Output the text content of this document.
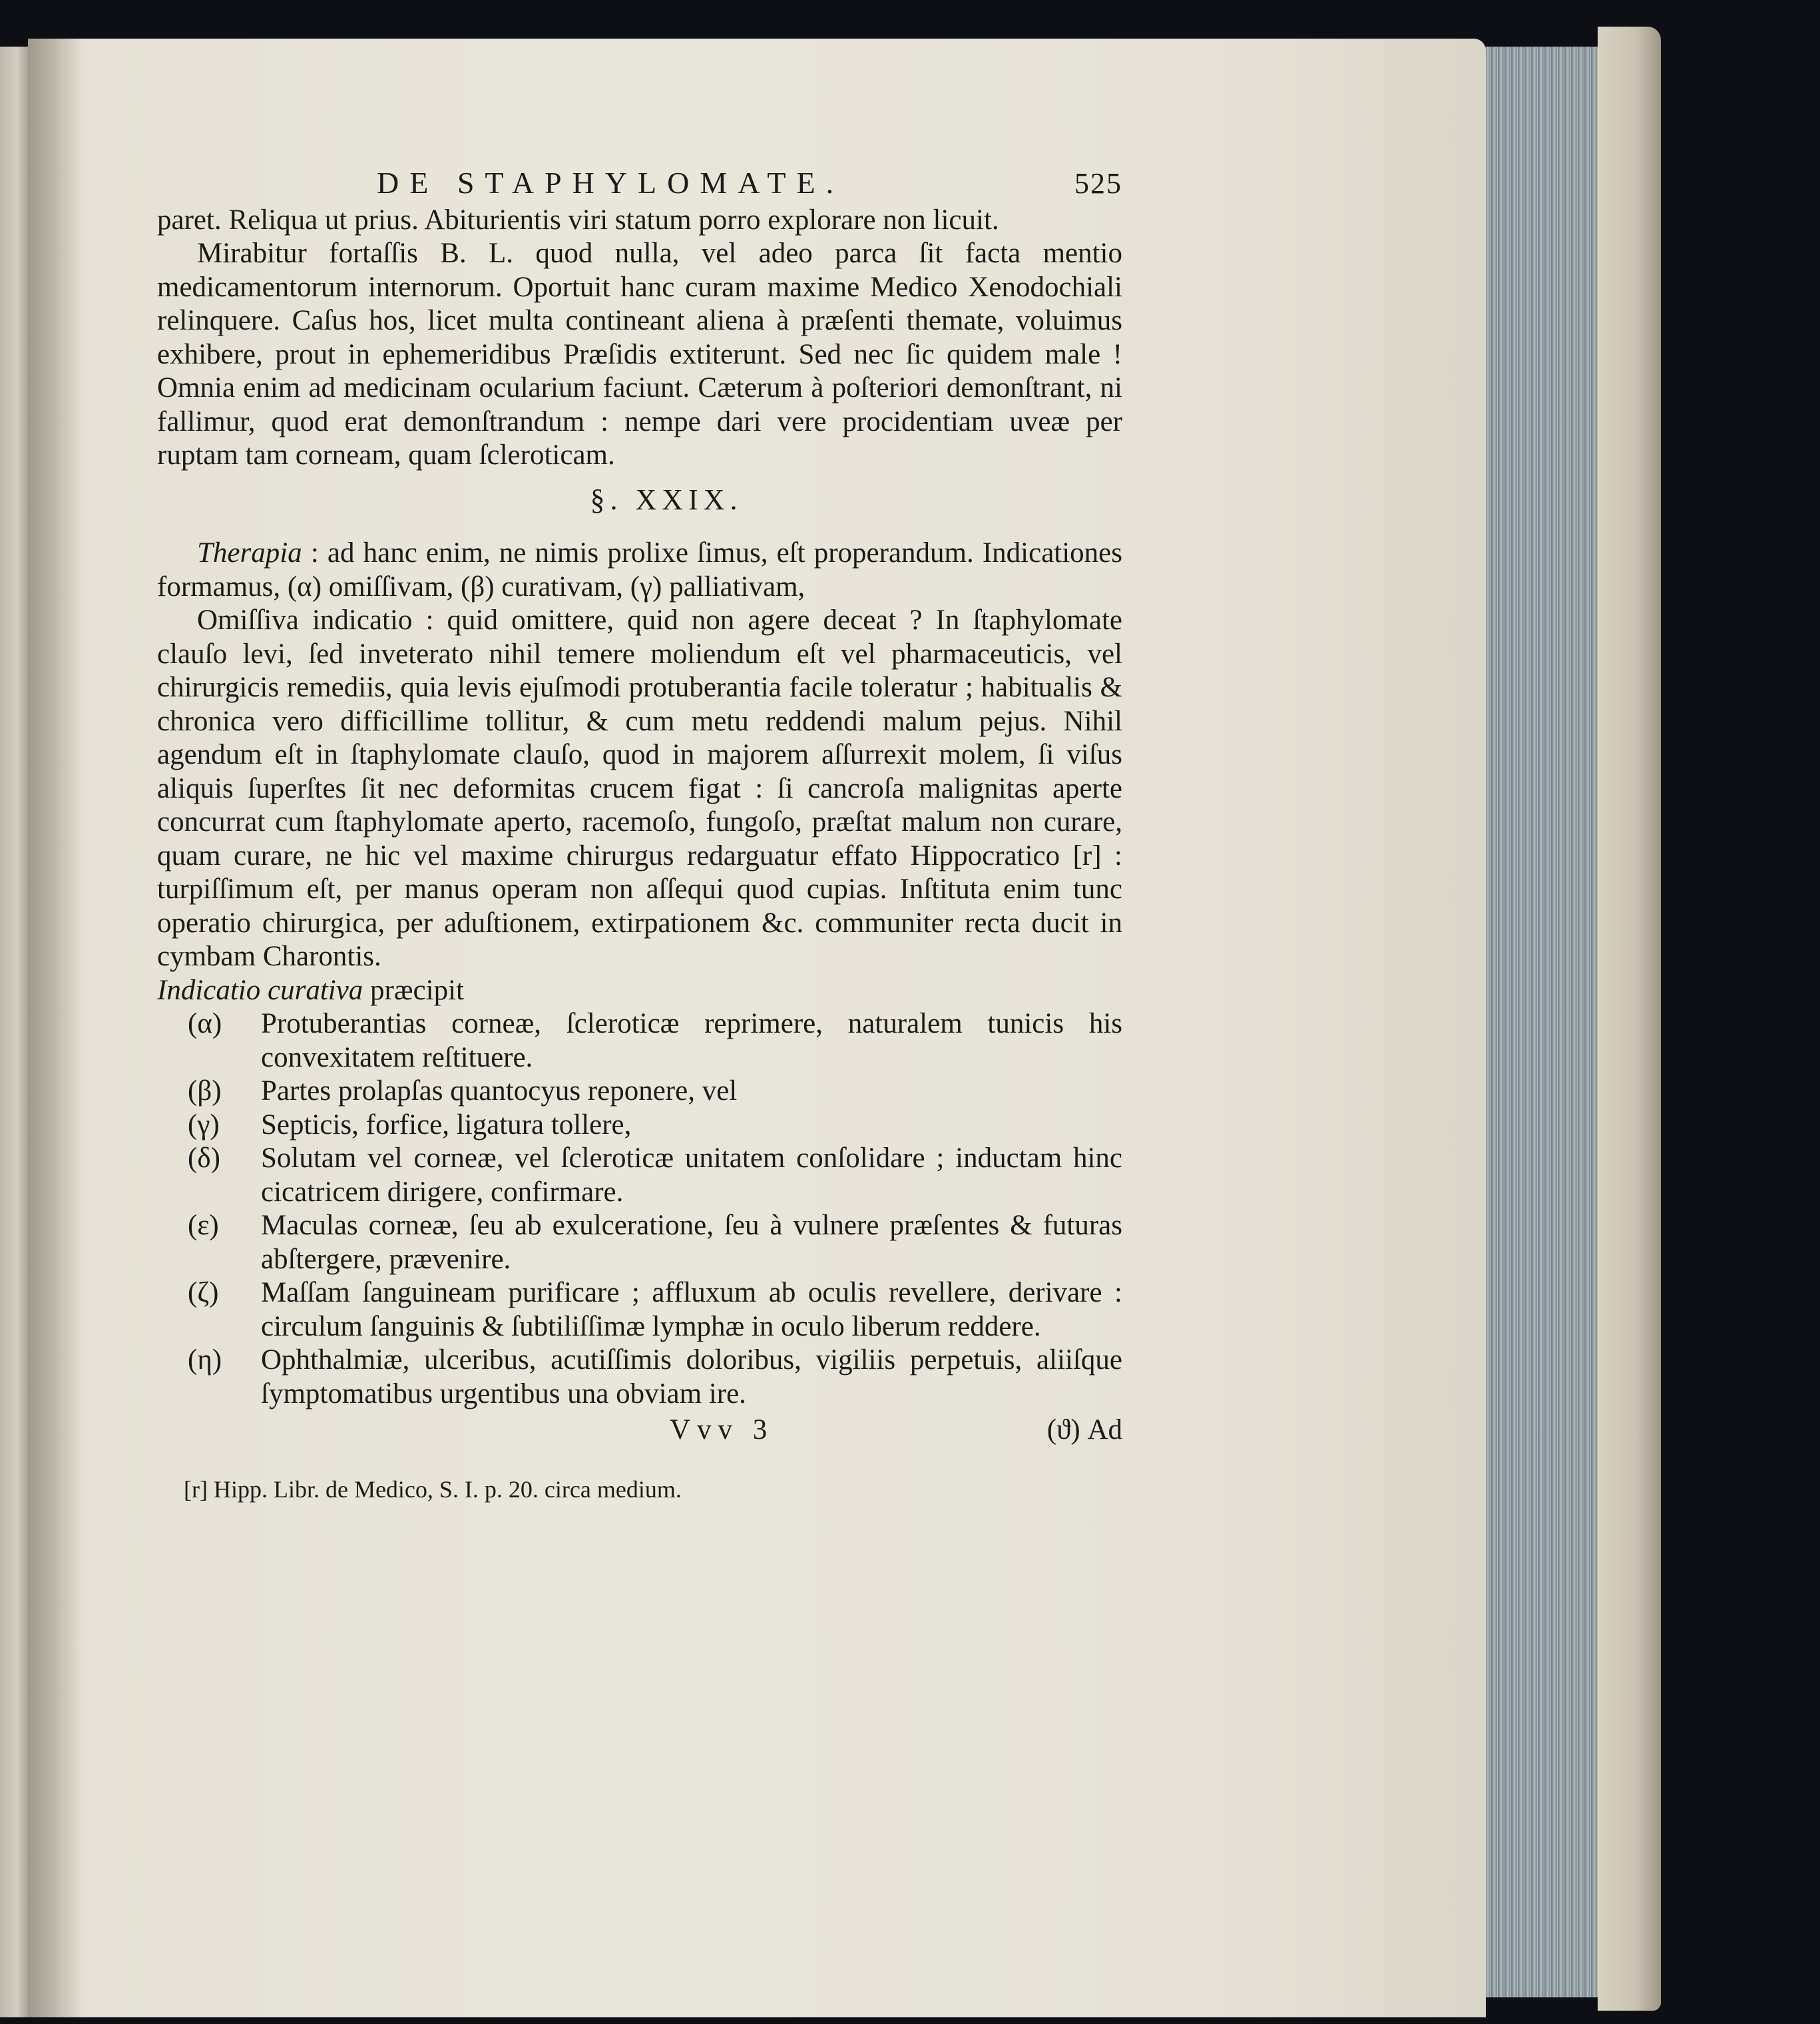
DE STAPHYLOMATE.	525

paret. Reliqua ut prius. Abiturientis viri statum porro explorare non licuit.

Mirabitur fortaſſis B. L. quod nulla, vel adeo parca ſit facta mentio medicamentorum internorum. Oportuit hanc curam maxime Medico Xenodochiali relinquere. Caſus hos, licet multa contineant aliena à præſenti themate, voluimus exhibere, prout in ephemeridibus Præſidis extiterunt. Sed nec ſic quidem male ! Omnia enim ad medicinam ocularium faciunt. Cæterum à poſteriori demonſtrant, ni fallimur, quod erat demonſtrandum : nempe dari vere procidentiam uveæ per ruptam tam corneam, quam ſcleroticam.

§. XXIX.

Therapia : ad hanc enim, ne nimis prolixe ſimus, eſt properandum. Indicationes formamus, (α) omiſſivam, (β) curativam, (γ) palliativam,

Omiſſiva indicatio : quid omittere, quid non agere deceat ? In ſtaphylomate clauſo levi, ſed inveterato nihil temere moliendum eſt vel pharmaceuticis, vel chirurgicis remediis, quia levis ejuſmodi protuberantia facile toleratur ; habitualis & chronica vero difficillime tollitur, & cum metu reddendi malum pejus. Nihil agendum eſt in ſtaphylomate clauſo, quod in majorem aſſurrexit molem, ſi viſus aliquis ſuperſtes ſit nec deformitas crucem figat : ſi cancroſa malignitas aperte concurrat cum ſtaphylomate aperto, racemoſo, fungoſo, præſtat malum non curare, quam curare, ne hic vel maxime chirurgus redarguatur effato Hippocratico [r] : turpiſſimum eſt, per manus operam non aſſequi quod cupias. Inſtituta enim tunc operatio chirurgica, per aduſtionem, extirpationem &c. communiter recta ducit in cymbam Charontis.

Indicatio curativa præcipit

(α)	Protuberantias corneæ, ſcleroticæ reprimere, naturalem tunicis his convexitatem reſtituere.
(β)	Partes prolapſas quantocyus reponere, vel
(γ)	Septicis, forfice, ligatura tollere,
(δ)	Solutam vel corneæ, vel ſcleroticæ unitatem conſolidare ; inductam hinc cicatricem dirigere, confirmare.
(ε)	Maculas corneæ, ſeu ab exulceratione, ſeu à vulnere præſentes & futuras abſtergere, prævenire.
(ζ)	Maſſam ſanguineam purificare ; affluxum ab oculis revellere, derivare : circulum ſanguinis & ſubtiliſſimæ lymphæ in oculo liberum reddere.
(η)	Ophthalmiæ, ulceribus, acutiſſimis doloribus, vigiliis perpetuis, aliiſque ſymptomatibus urgentibus una obviam ire.
Vvv 3	(ϑ) Ad
[r] Hipp. Libr. de Medico, S. I. p. 20. circa medium.
